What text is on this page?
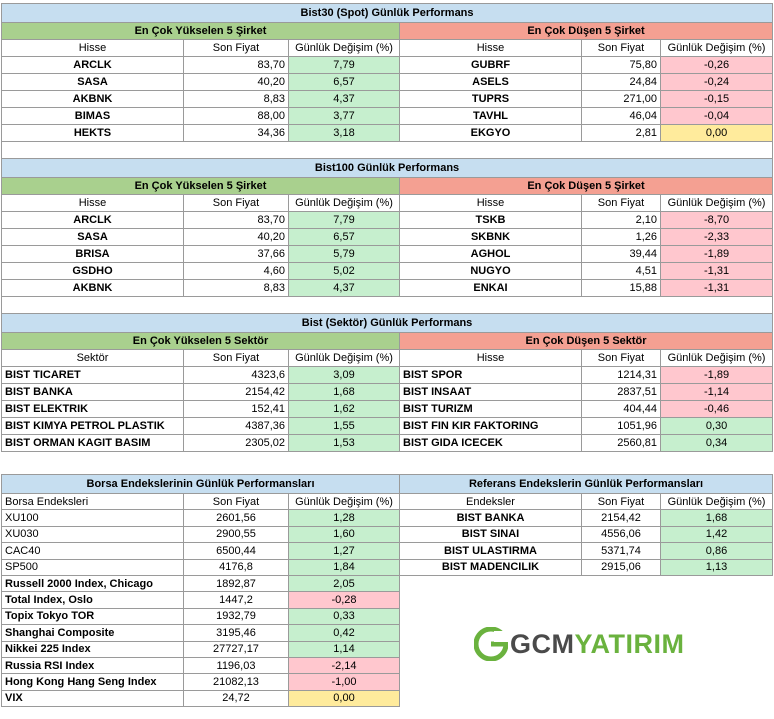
Bist30 (Spot) Günlük Performans					
En Çok Yükselen 5 Şirket			En Çok Düşen 5 Şirket		
Hisse	Son Fiyat	Günlük Değişim (%)	Hisse	Son Fiyat	Günlük Değişim (%)
ARCLK	83,70	7,79	GUBRF	75,80	-0,26
SASA	40,20	6,57	ASELS	24,84	-0,24
AKBNK	8,83	4,37	TUPRS	271,00	-0,15
BIMAS	88,00	3,77	TAVHL	46,04	-0,04
HEKTS	34,36	3,18	EKGYO	2,81	0,00

Bist100 Günlük Performans					
En Çok Yükselen 5 Şirket			En Çok Düşen 5 Şirket		
Hisse	Son Fiyat	Günlük Değişim (%)	Hisse	Son Fiyat	Günlük Değişim (%)
ARCLK	83,70	7,79	TSKB	2,10	-8,70
SASA	40,20	6,57	SKBNK	1,26	-2,33
BRISA	37,66	5,79	AGHOL	39,44	-1,89
GSDHO	4,60	5,02	NUGYO	4,51	-1,31
AKBNK	8,83	4,37	ENKAI	15,88	-1,31

Bist (Sektör) Günlük Performans					
En Çok Yükselen 5 Sektör			En Çok Düşen 5 Sektör		
Sektör	Son Fiyat	Günlük Değişim (%)	Hisse	Son Fiyat	Günlük Değişim (%)
BIST TICARET	4323,6	3,09	BIST SPOR	1214,31	-1,89
BIST BANKA	2154,42	1,68	BIST INSAAT	2837,51	-1,14
BIST ELEKTRIK	152,41	1,62	BIST TURIZM	404,44	-0,46
BIST KIMYA PETROL PLASTIK	4387,36	1,55	BIST FIN KIR FAKTORING	1051,96	0,30
BIST ORMAN KAGIT BASIM	2305,02	1,53	BIST GIDA ICECEK	2560,81	0,34
Borsa Endekslerinin Günlük Performansları		
Borsa Endeksleri	Son Fiyat	Günlük Değişim (%)
XU100	2601,56	1,28
XU030	2900,55	1,60
CAC40	6500,44	1,27
SP500	4176,8	1,84
Russell 2000 Index, Chicago	1892,87	2,05
Total Index, Oslo	1447,2	-0,28
Topix Tokyo TOR	1932,79	0,33
Shanghai Composite	3195,46	0,42
Nikkei 225 Index	27727,17	1,14
Russia RSI Index	1196,03	-2,14
Hong Kong Hang Seng Index	21082,13	-1,00
VIX	24,72	0,00
Referans Endekslerin Günlük Performansları		
Endeksler	Son Fiyat	Günlük Değişim (%)
BIST BANKA	2154,42	1,68
BIST SINAI	4556,06	1,42
BIST ULASTIRMA	5371,74	0,86
BIST MADENCILIK	2915,06	1,13
GCMYATIRIM
